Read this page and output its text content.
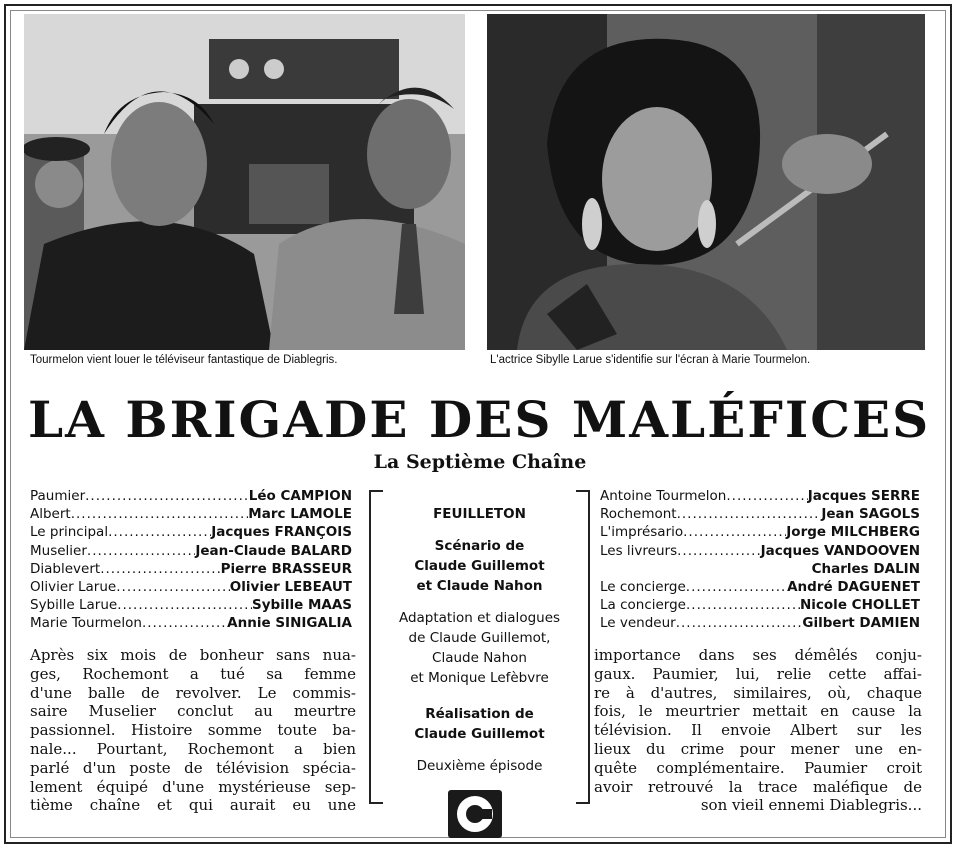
Tourmelon vient louer le téléviseur fantastique de Diablegris.	L'actrice Sibylle Larue s'identifie sur l'écran à Marie Tourmelon.
LA BRIGADE DES MALÉFICES
La Septième Chaîne
Paumier .....	Léo CAMPION
Albert .....	Marc LAMOLE
Le principal .....	Jacques FRANÇOIS
Muselier .....	Jean-Claude BALARD
Diablevert .....	Pierre BRASSEUR
Olivier Larue .....	Olivier LEBEAUT
Sybille Larue .....	Sybille MAAS
Marie Tourmelon .....	Annie SINIGALIA
Antoine Tourmelon .....	Jacques SERRE
Rochemont .....	Jean SAGOLS
L'imprésario .....	Jorge MILCHBERG
Les livreurs .....	Jacques VANDOOVEN
Charles DALIN
Le concierge .....	André DAGUENET
La concierge .....	Nicole CHOLLET
Le vendeur .....	Gilbert DAMIEN
FEUILLETON
Scénario de
Claude Guillemot
et Claude Nahon
Adaptation et dialogues
de Claude Guillemot,
Claude Nahon
et Monique Lefèbvre
Réalisation de
Claude Guillemot
Deuxième épisode
Après six mois de bonheur sans nua-
ges, Rochemont a tué sa femme
d'une balle de revolver. Le commis-
saire Muselier conclut au meurtre
passionnel. Histoire somme toute ba-
nale... Pourtant, Rochemont a bien
parlé d'un poste de télévision spécia-
lement équipé d'une mystérieuse sep-
tième chaîne et qui aurait eu une
importance dans ses démêlés conju-
gaux. Paumier, lui, relie cette affai-
re à d'autres, similaires, où, chaque
fois, le meurtrier mettait en cause la
télévision. Il envoie Albert sur les
lieux du crime pour mener une en-
quête complémentaire. Paumier croit
avoir retrouvé la trace maléfique de
son vieil ennemi Diablegris...
